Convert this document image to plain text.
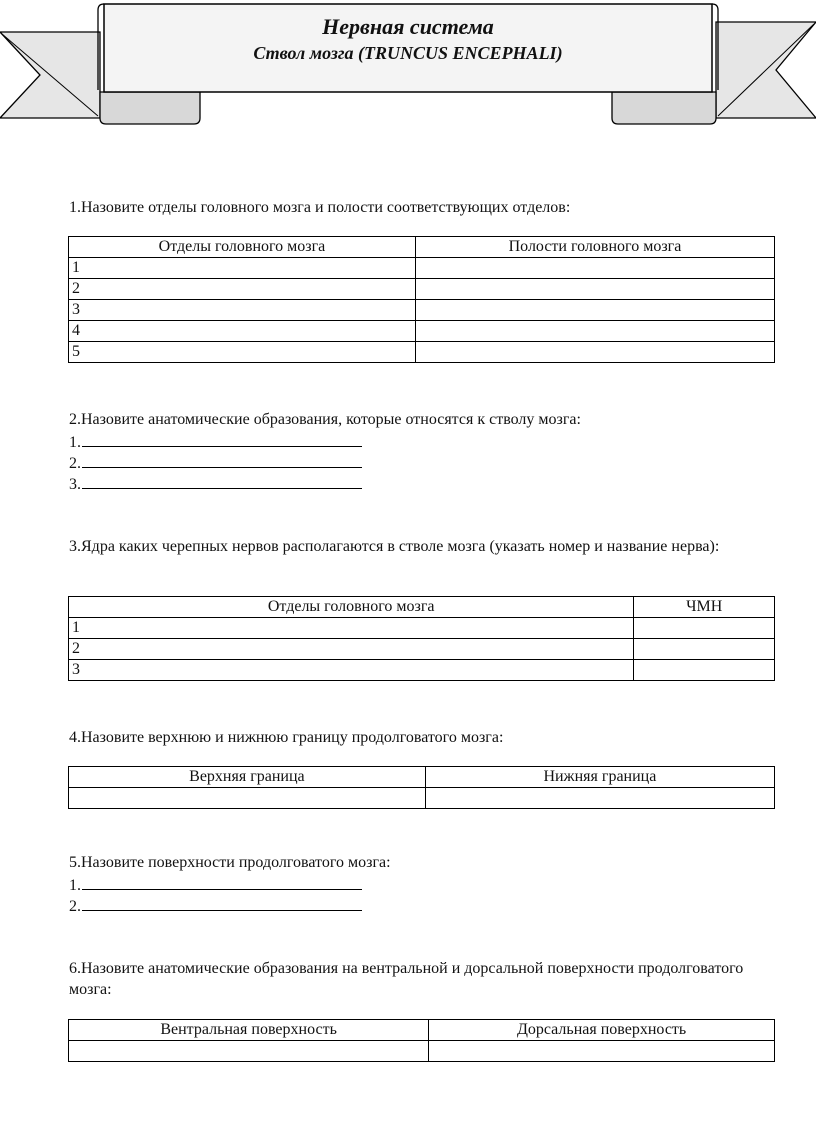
Нервная система
Ствол мозга (TRUNCUS ENCEPHALI)
1.Назовите отделы головного мозга и полости соответствующих отделов:
Отделы головного мозга	Полости головного мозга
1	
2	
3	
4	
5	
2.Назовите анатомические образования, которые относятся к стволу мозга:
1.
2.
3.
3.Ядра каких черепных нервов располагаются в стволе мозга (указать номер и название нерва):
Отделы головного мозга	ЧМН
1	
2	
3	
4.Назовите верхнюю и нижнюю границу продолговатого мозга:
Верхняя граница	Нижняя граница

5.Назовите поверхности продолговатого мозга:
1.
2.
6.Назовите анатомические образования на вентральной и дорсальной поверхности продолговатого мозга:
Вентральная поверхность	Дорсальная поверхность
